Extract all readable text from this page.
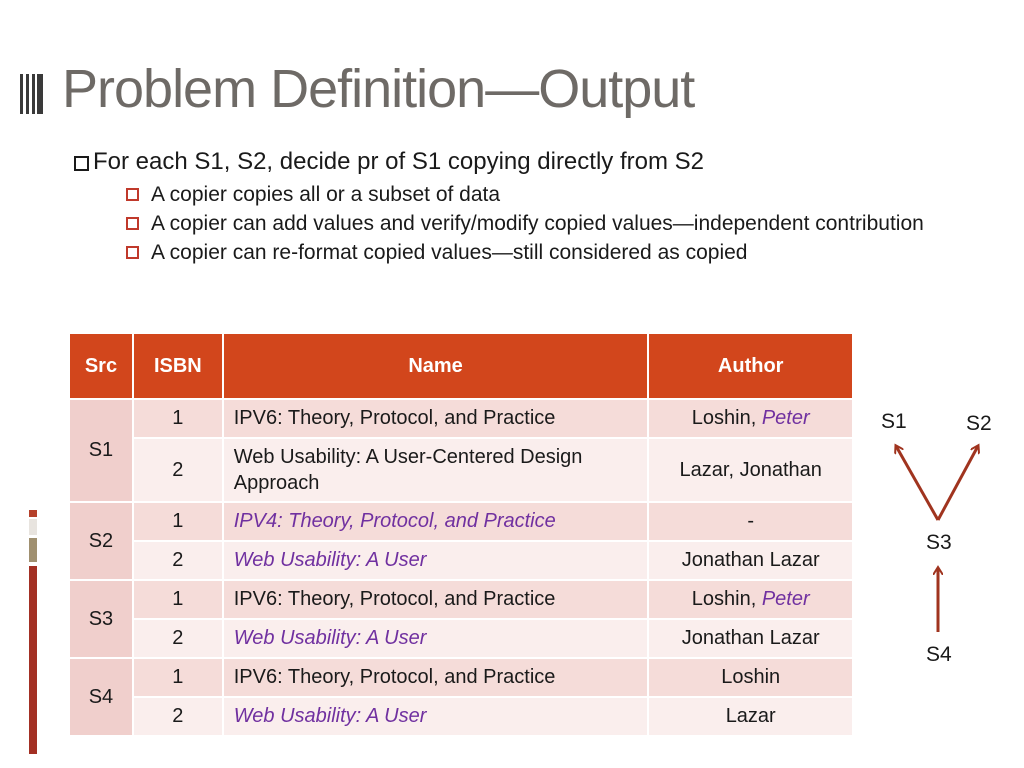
Problem Definition—Output
For each S1, S2, decide pr of S1 copying directly from S2
A copier copies all or a subset of data
A copier can add values and verify/modify copied values—independent contribution
A copier can re-format copied values—still considered as copied
Src	ISBN	Name	Author
S1	1	IPV6: Theory, Protocol, and Practice	Loshin, Peter
	2	Web Usability: A User-Centered Design Approach	Lazar, Jonathan
S2	1	IPV4: Theory, Protocol, and Practice	-
	2	Web Usability: A User	Jonathan Lazar
S3	1	IPV6: Theory, Protocol, and Practice	Loshin, Peter
	2	Web Usability: A User	Jonathan Lazar
S4	1	IPV6: Theory, Protocol, and Practice	Loshin
	2	Web Usability: A User	Lazar
S1	S2
S3
S4
